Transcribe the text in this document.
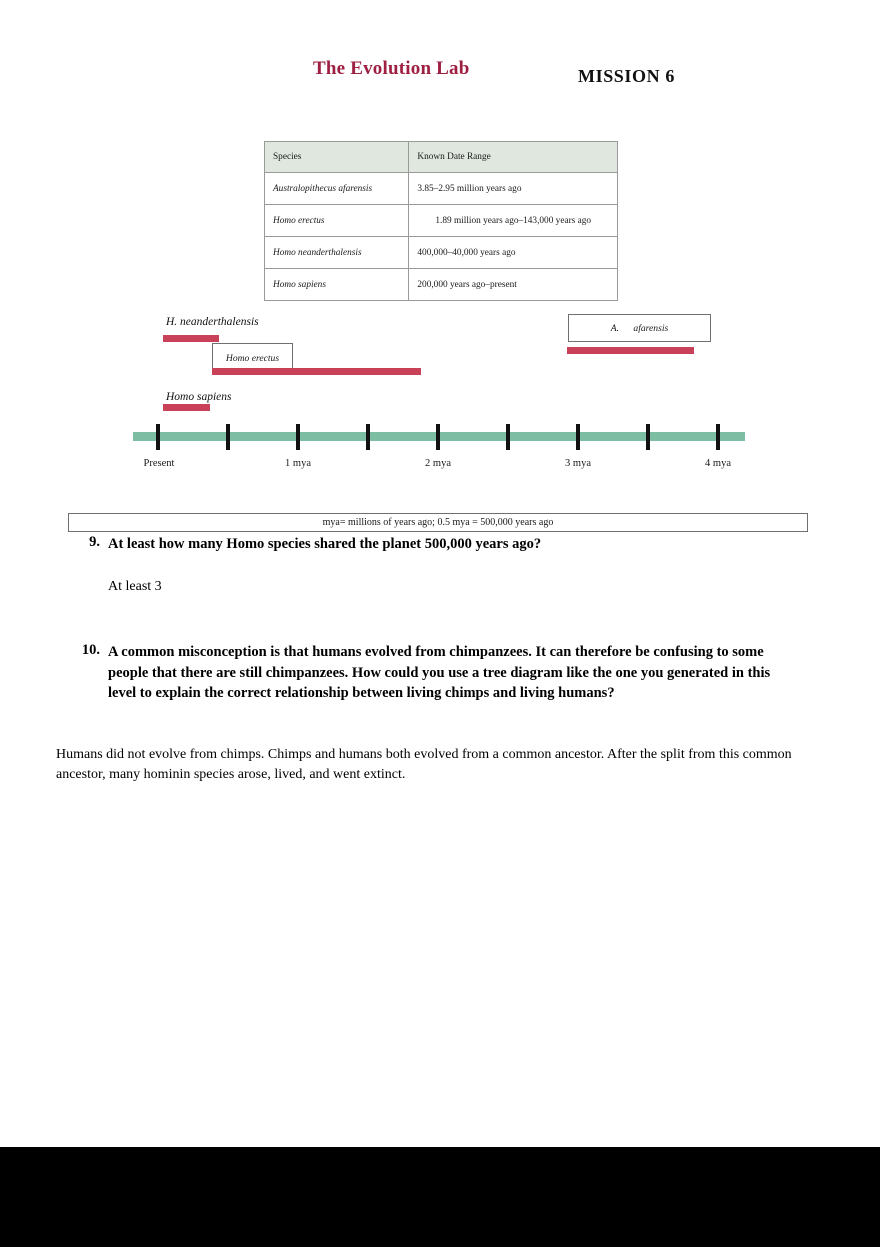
The Evolution Lab	MISSION 6
Species	Known Date Range
Australopithecus afarensis	3.85–2.95 million years ago
Homo erectus	1.89 million years ago–143,000 years ago
Homo neanderthalensis	400,000–40,000 years ago
Homo sapiens	200,000 years ago–present
H. neanderthalensis
Homo sapiens
Homo erectus
A.      afarensis
Present	1 mya	2 mya	3 mya	4 mya
mya= millions of years ago; 0.5 mya = 500,000 years ago
9. At least how many Homo species shared the planet 500,000 years ago?
At least 3
10. A common misconception is that humans evolved from chimpanzees. It can therefore be confusing to some people that there are still chimpanzees. How could you use a tree diagram like the one you generated in this level to explain the correct relationship between living chimps and living humans?
Humans did not evolve from chimps. Chimps and humans both evolved from a common ancestor. After the split from this common ancestor, many hominin species arose, lived, and went extinct.
